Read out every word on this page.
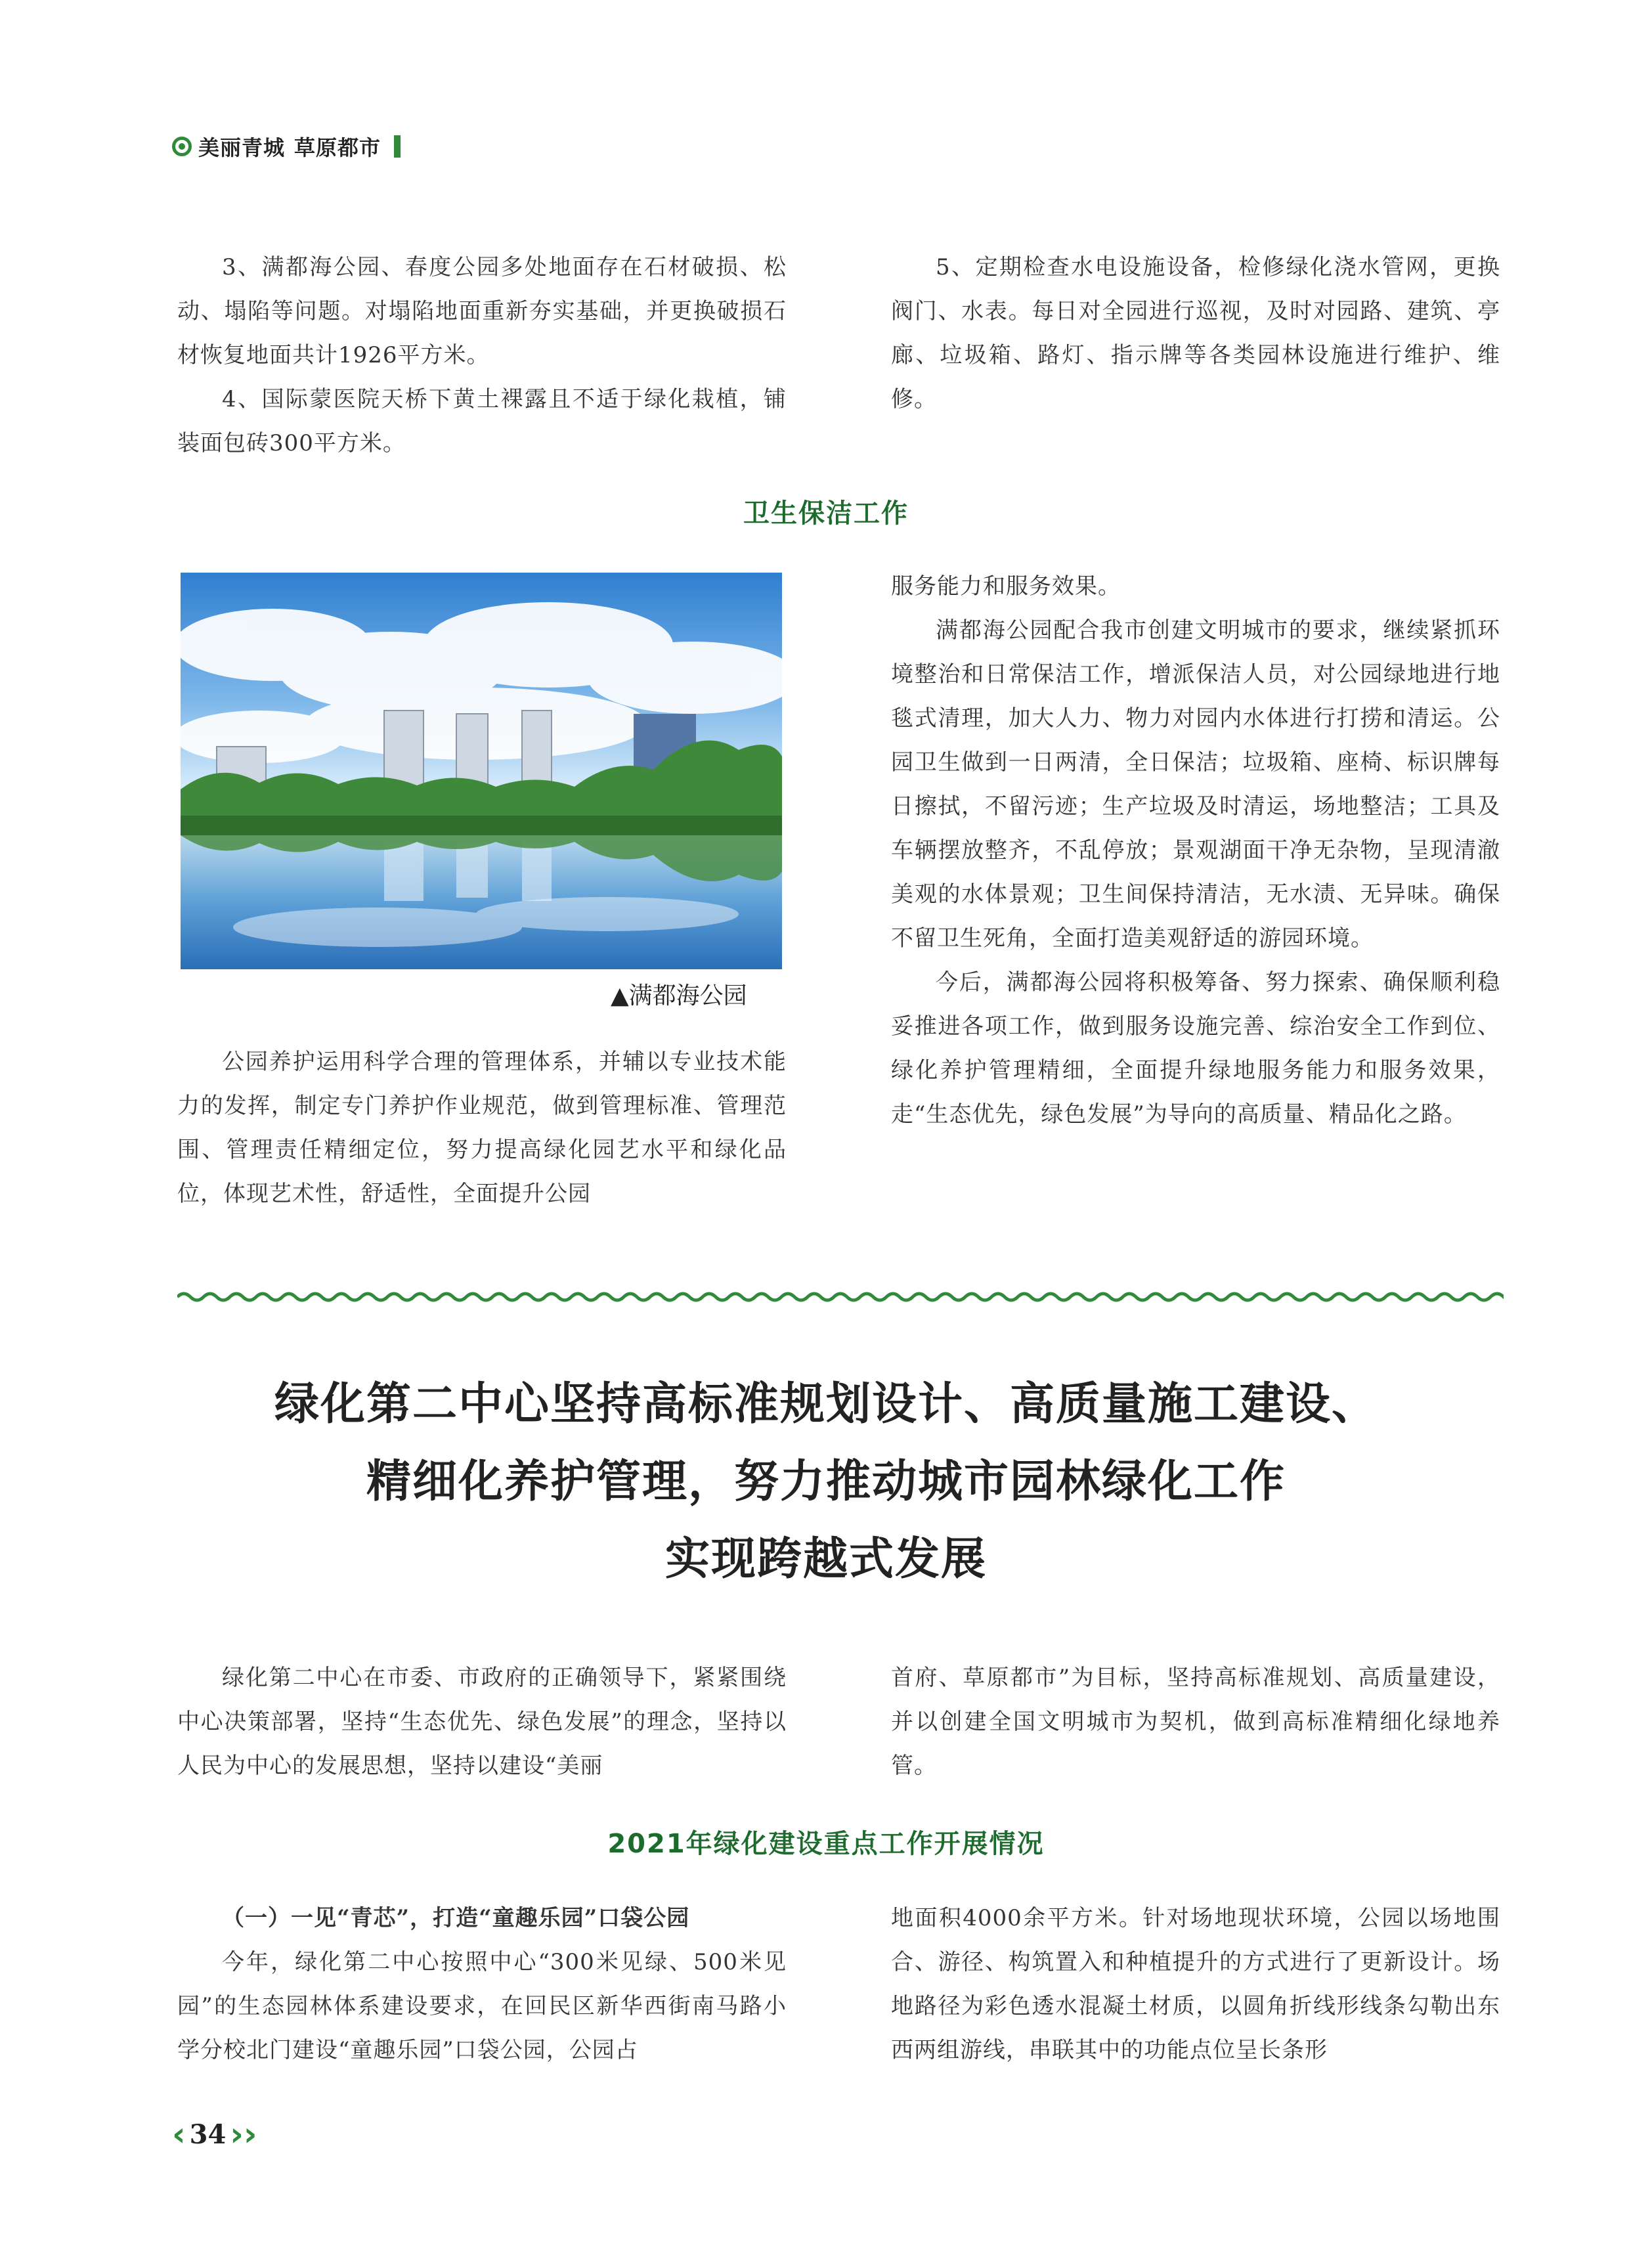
美丽青城 草原都市

3、满都海公园、春度公园多处地面存在石材破损、松动、塌陷等问题。对塌陷地面重新夯实基础，并更换破损石材恢复地面共计1926平方米。

4、国际蒙医院天桥下黄土裸露且不适于绿化栽植，铺装面包砖300平方米。

5、定期检查水电设施设备，检修绿化浇水管网，更换阀门、水表。每日对全园进行巡视，及时对园路、建筑、亭廊、垃圾箱、路灯、指示牌等各类园林设施进行维护、维修。

卫生保洁工作
▲满都海公园

公园养护运用科学合理的管理体系，并辅以专业技术能力的发挥，制定专门养护作业规范，做到管理标准、管理范围、管理责任精细定位，努力提高绿化园艺水平和绿化品位，体现艺术性，舒适性，全面提升公园

服务能力和服务效果。

满都海公园配合我市创建文明城市的要求，继续紧抓环境整治和日常保洁工作，增派保洁人员，对公园绿地进行地毯式清理，加大人力、物力对园内水体进行打捞和清运。公园卫生做到一日两清，全日保洁；垃圾箱、座椅、标识牌每日擦拭，不留污迹；生产垃圾及时清运，场地整洁；工具及车辆摆放整齐，不乱停放；景观湖面干净无杂物，呈现清澈美观的水体景观；卫生间保持清洁，无水渍、无异味。确保不留卫生死角，全面打造美观舒适的游园环境。

今后，满都海公园将积极筹备、努力探索、确保顺利稳妥推进各项工作，做到服务设施完善、综治安全工作到位、绿化养护管理精细，全面提升绿地服务能力和服务效果，走“生态优先，绿色发展”为导向的高质量、精品化之路。

绿化第二中心坚持高标准规划设计、高质量施工建设、
精细化养护管理，努力推动城市园林绿化工作
实现跨越式发展

绿化第二中心在市委、市政府的正确领导下，紧紧围绕中心决策部署，坚持“生态优先、绿色发展”的理念，坚持以人民为中心的发展思想，坚持以建设“美丽

首府、草原都市”为目标，坚持高标准规划、高质量建设，并以创建全国文明城市为契机，做到高标准精细化绿地养管。

2021年绿化建设重点工作开展情况

（一）一见“青芯”，打造“童趣乐园”口袋公园

今年，绿化第二中心按照中心“300米见绿、500米见园”的生态园林体系建设要求，在回民区新华西街南马路小学分校北门建设“童趣乐园”口袋公园，公园占

地面积4000余平方米。针对场地现状环境，公园以场地围合、游径、构筑置入和种植提升的方式进行了更新设计。场地路径为彩色透水混凝土材质，以圆角折线形线条勾勒出东西两组游线，串联其中的功能点位呈长条形

‹ 34 ››
